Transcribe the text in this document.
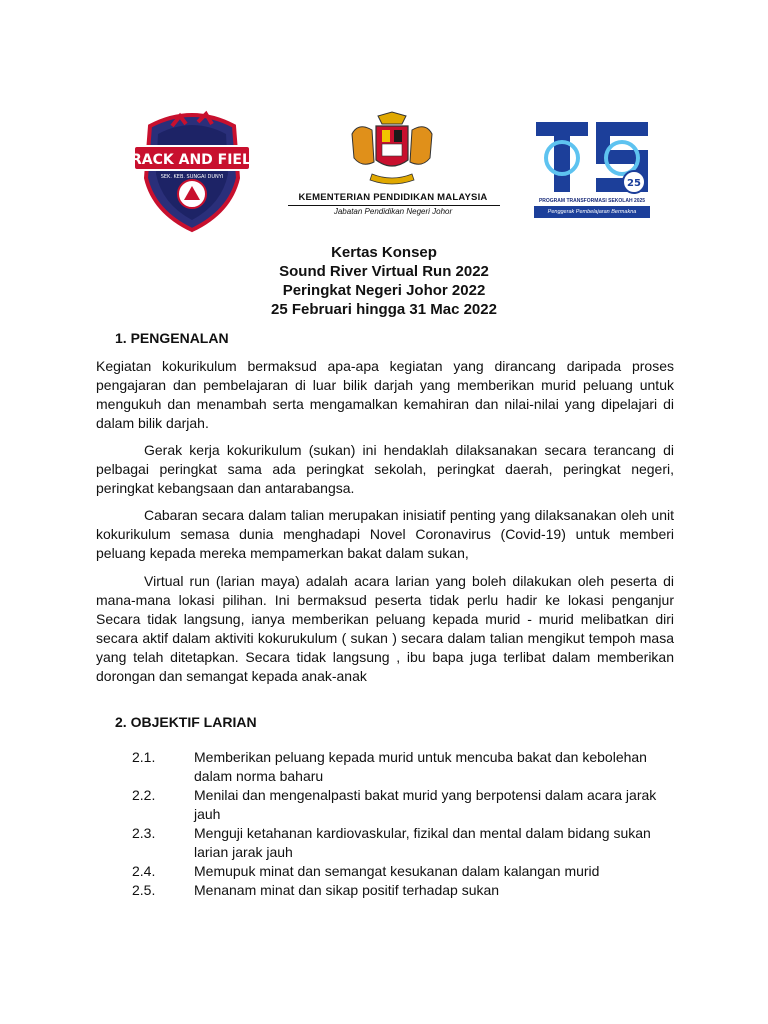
TRACK AND FIELD
SEK. KEB. SUNGAI DUNYI
KEMENTERIAN PENDIDIKAN MALAYSIA
Jabatan Pendidikan Negeri Johor
25
TS
PROGRAM TRANSFORMASI SEKOLAH 2025
Penggerak Pembelajaran Bermakna
Kertas Konsep
Sound River Virtual Run 2022
Peringkat Negeri Johor 2022
25 Februari hingga 31 Mac 2022
1. PENGENALAN

Kegiatan kokurikulum bermaksud apa-apa kegiatan yang dirancang daripada proses pengajaran dan pembelajaran di luar bilik darjah yang memberikan murid peluang untuk mengukuh dan menambah serta mengamalkan kemahiran dan nilai-nilai yang dipelajari di dalam bilik darjah.

Gerak kerja kokurikulum (sukan) ini hendaklah dilaksanakan secara terancang di pelbagai peringkat sama ada peringkat sekolah, peringkat daerah, peringkat negeri, peringkat kebangsaan dan antarabangsa.

Cabaran secara dalam talian merupakan inisiatif penting yang dilaksanakan oleh unit kokurikulum semasa dunia menghadapi Novel Coronavirus (Covid-19) untuk memberi peluang kepada mereka mempamerkan bakat dalam sukan,

Virtual run (larian maya) adalah acara larian yang boleh dilakukan oleh peserta di mana-mana lokasi pilihan. Ini bermaksud peserta tidak perlu hadir ke lokasi penganjur Secara tidak langsung, ianya memberikan peluang kepada murid - murid melibatkan diri secara aktif dalam aktiviti kokurukulum ( sukan ) secara dalam talian mengikut tempoh masa yang telah ditetapkan. Secara tidak langsung , ibu bapa juga terlibat dalam memberikan dorongan dan semangat kepada anak-anak

2. OBJEKTIF LARIAN
2.1.	Memberikan peluang kepada murid untuk mencuba bakat dan kebolehan dalam norma baharu
2.2.	Menilai dan mengenalpasti bakat murid yang berpotensi dalam acara jarak jauh
2.3.	Menguji ketahanan kardiovaskular, fizikal dan mental dalam bidang sukan larian jarak jauh
2.4.	Memupuk minat dan semangat kesukanan dalam kalangan murid
2.5.	Menanam minat dan sikap positif terhadap sukan
